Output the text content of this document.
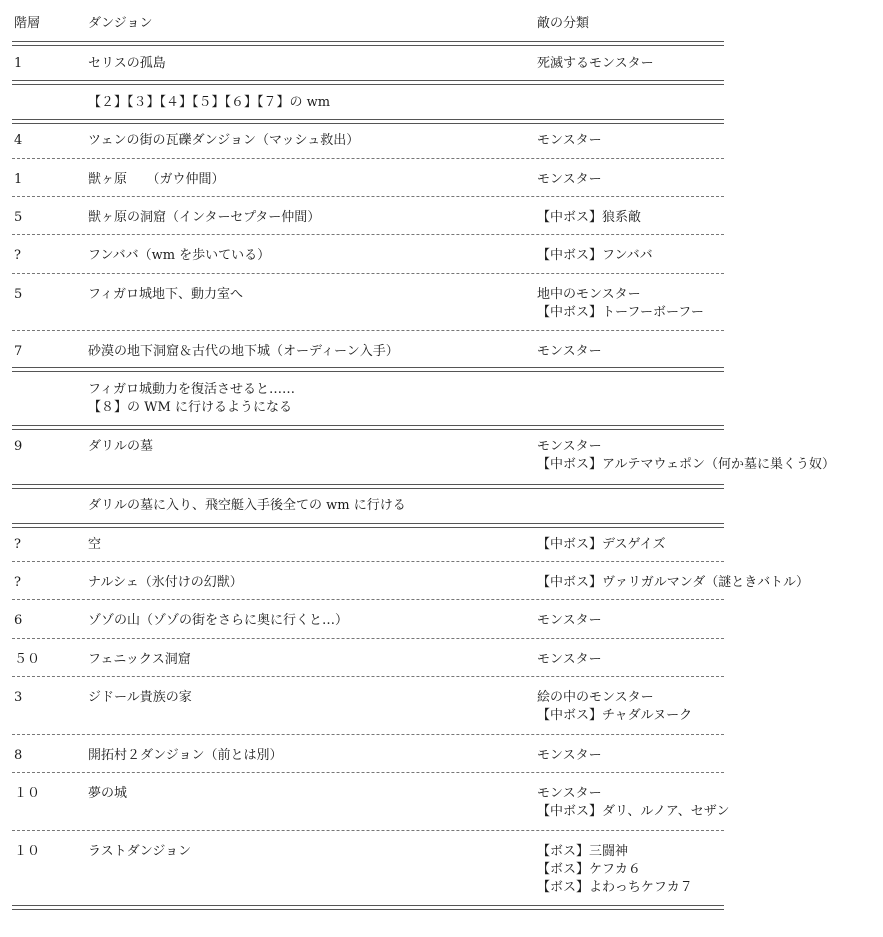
階層	ダンジョン	敵の分類
1	セリスの孤島	死滅するモンスター
【２】【３】【４】【５】【６】【７】の wm
4	ツェンの街の瓦礫ダンジョン（マッシュ救出）	モンスター
1	獣ヶ原　　（ガウ仲間）	モンスター
5	獣ヶ原の洞窟（インターセプター仲間）	【中ボス】狼系敵
?	フンババ（wm を歩いている）	【中ボス】フンババ
5	フィガロ城地下、動力室へ	地中のモンスター
【中ボス】トーフーボーフー
7	砂漠の地下洞窟＆古代の地下城（オーディーン入手）	モンスター
フィガロ城動力を復活させると……
【８】の WM に行けるようになる
9	ダリルの墓	モンスター
【中ボス】アルテマウェポン（何か墓に巣くう奴）
ダリルの墓に入り、飛空艇入手後全ての wm に行ける
?	空	【中ボス】デスゲイズ
?	ナルシェ（氷付けの幻獣）	【中ボス】ヴァリガルマンダ（謎ときバトル）
6	ゾゾの山（ゾゾの街をさらに奥に行くと…）	モンスター
５０	フェニックス洞窟	モンスター
3	ジドール貴族の家	絵の中のモンスター
【中ボス】チャダルヌーク
8	開拓村２ダンジョン（前とは別）	モンスター
１０	夢の城	モンスター
【中ボス】ダリ、ルノア、セザン
１０	ラストダンジョン	【ボス】三闘神
【ボス】ケフカ６
【ボス】よわっちケフカ７
